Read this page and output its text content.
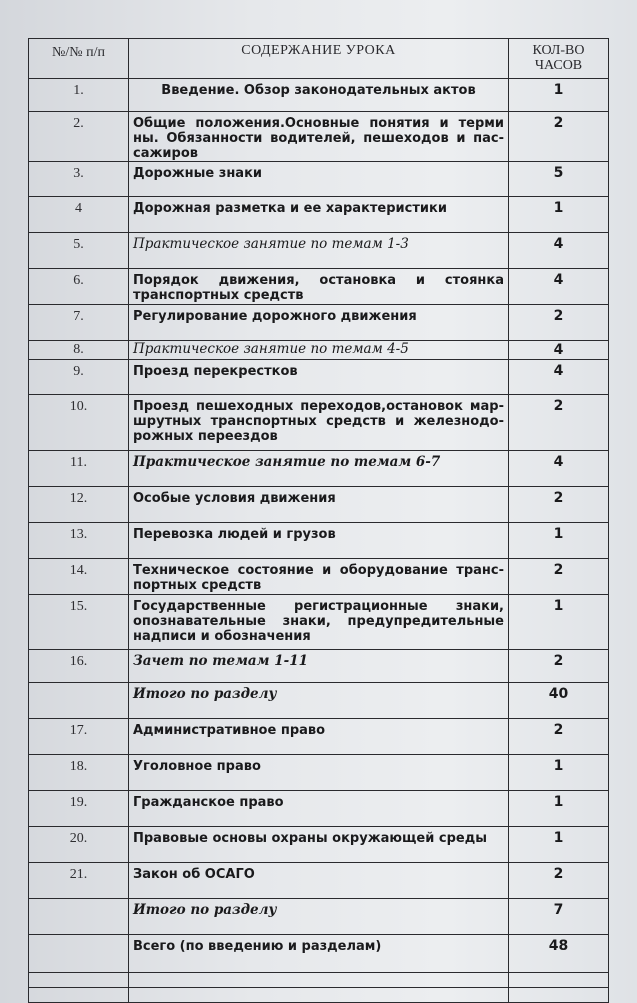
№/№ п/п	СОДЕРЖАНИЕ УРОКА	КОЛ-ВО
ЧАСОВ
1.	Введение. Обзор законодательных актов	1
2.	Общие положения.Основные понятия и терми ны. Обязанности водителей, пешеходов и пас-сажиров	2
3.	Дорожные знаки	5
4	Дорожная разметка и ее характеристики	1
5.	Практическое занятие по темам 1-3	4
6.	Порядок движения, остановка и стоянка транспортных средств	4
7.	Регулирование дорожного движения	2
8.	Практическое занятие по темам 4-5	4
9.	Проезд перекрестков	4
10.	Проезд пешеходных переходов,остановок мар-шрутных транспортных средств и железнодо-рожных переездов	2
11.	Практическое занятие по темам 6-7	4
12.	Особые условия движения	2
13.	Перевозка людей и грузов	1
14.	Техническое состояние и оборудование транс-портных средств	2
15.	Государственные регистрационные знаки, опознавательные знаки, предупредительные надписи и обозначения	1
16.	Зачет по темам 1-11	2
	Итого по разделу	40
17.	Административное право	2
18.	Уголовное право	1
19.	Гражданское право	1
20.	Правовые основы охраны окружающей среды	1
21.	Закон об ОСАГО	2
	Итого по разделу	7
	Всего (по введению и разделам)	48
